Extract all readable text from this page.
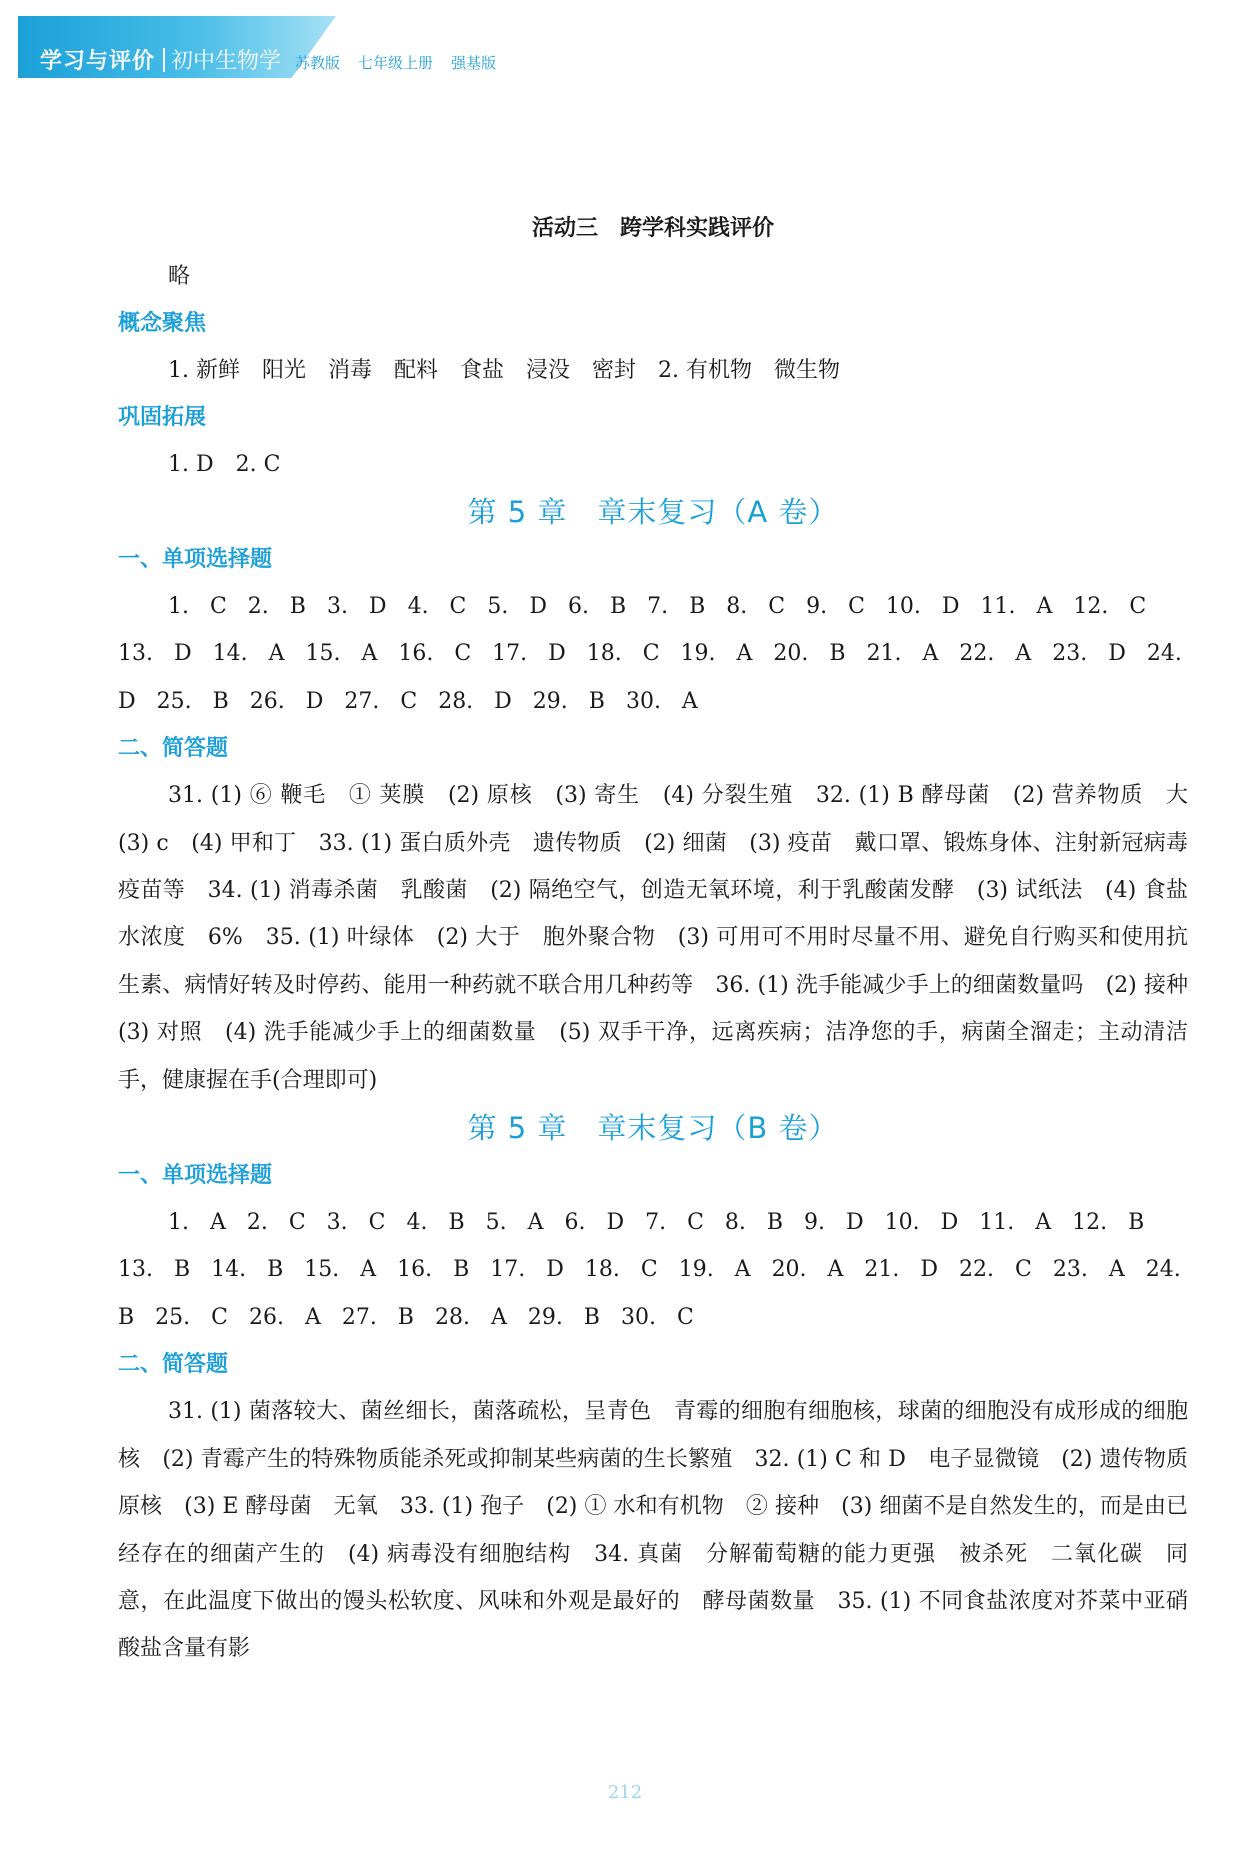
学习与评价 初中生物学 苏教版 七年级上册 强基版
活动三　跨学科实践评价
略
概念聚焦
1. 新鲜　阳光　消毒　配料　食盐　浸没　密封　2. 有机物　微生物
巩固拓展
1. D　2. C
第 5 章　章末复习（A 卷）
一、单项选择题

1. C 2. B 3. D 4. C 5. D 6. B 7. B 8. C 9. C 10. D 11. A 12. C 13. D 14. A 15. A 16. C 17. D 18. C 19. A 20. B 21. A 22. A 23. D 24. D 25. B 26. D 27. C 28. D 29. B 30. A

二、简答题

31. (1) ⑥ 鞭毛　① 荚膜　(2) 原核　(3) 寄生　(4) 分裂生殖　32. (1) B 酵母菌　(2) 营养物质　大　(3) c　(4) 甲和丁　33. (1) 蛋白质外壳　遗传物质　(2) 细菌　(3) 疫苗　戴口罩、锻炼身体、注射新冠病毒疫苗等　34. (1) 消毒杀菌　乳酸菌　(2) 隔绝空气，创造无氧环境，利于乳酸菌发酵　(3) 试纸法　(4) 食盐水浓度　6%　35. (1) 叶绿体　(2) 大于　胞外聚合物　(3) 可用可不用时尽量不用、避免自行购买和使用抗生素、病情好转及时停药、能用一种药就不联合用几种药等　36. (1) 洗手能减少手上的细菌数量吗　(2) 接种　(3) 对照　(4) 洗手能减少手上的细菌数量　(5) 双手干净，远离疾病；洁净您的手，病菌全溜走；主动清洁手，健康握在手(合理即可)

第 5 章　章末复习（B 卷）
一、单项选择题

1. A 2. C 3. C 4. B 5. A 6. D 7. C 8. B 9. D 10. D 11. A 12. B 13. B 14. B 15. A 16. B 17. D 18. C 19. A 20. A 21. D 22. C 23. A 24. B 25. C 26. A 27. B 28. A 29. B 30. C

二、简答题

31. (1) 菌落较大、菌丝细长，菌落疏松，呈青色　青霉的细胞有细胞核，球菌的细胞没有成形成的细胞核　(2) 青霉产生的特殊物质能杀死或抑制某些病菌的生长繁殖　32. (1) C 和 D　电子显微镜　(2) 遗传物质　原核　(3) E 酵母菌　无氧　33. (1) 孢子　(2) ① 水和有机物　② 接种　(3) 细菌不是自然发生的，而是由已经存在的细菌产生的　(4) 病毒没有细胞结构　34. 真菌　分解葡萄糖的能力更强　被杀死　二氧化碳　同意，在此温度下做出的馒头松软度、风味和外观是最好的　酵母菌数量　35. (1) 不同食盐浓度对芥菜中亚硝酸盐含量有影

212
